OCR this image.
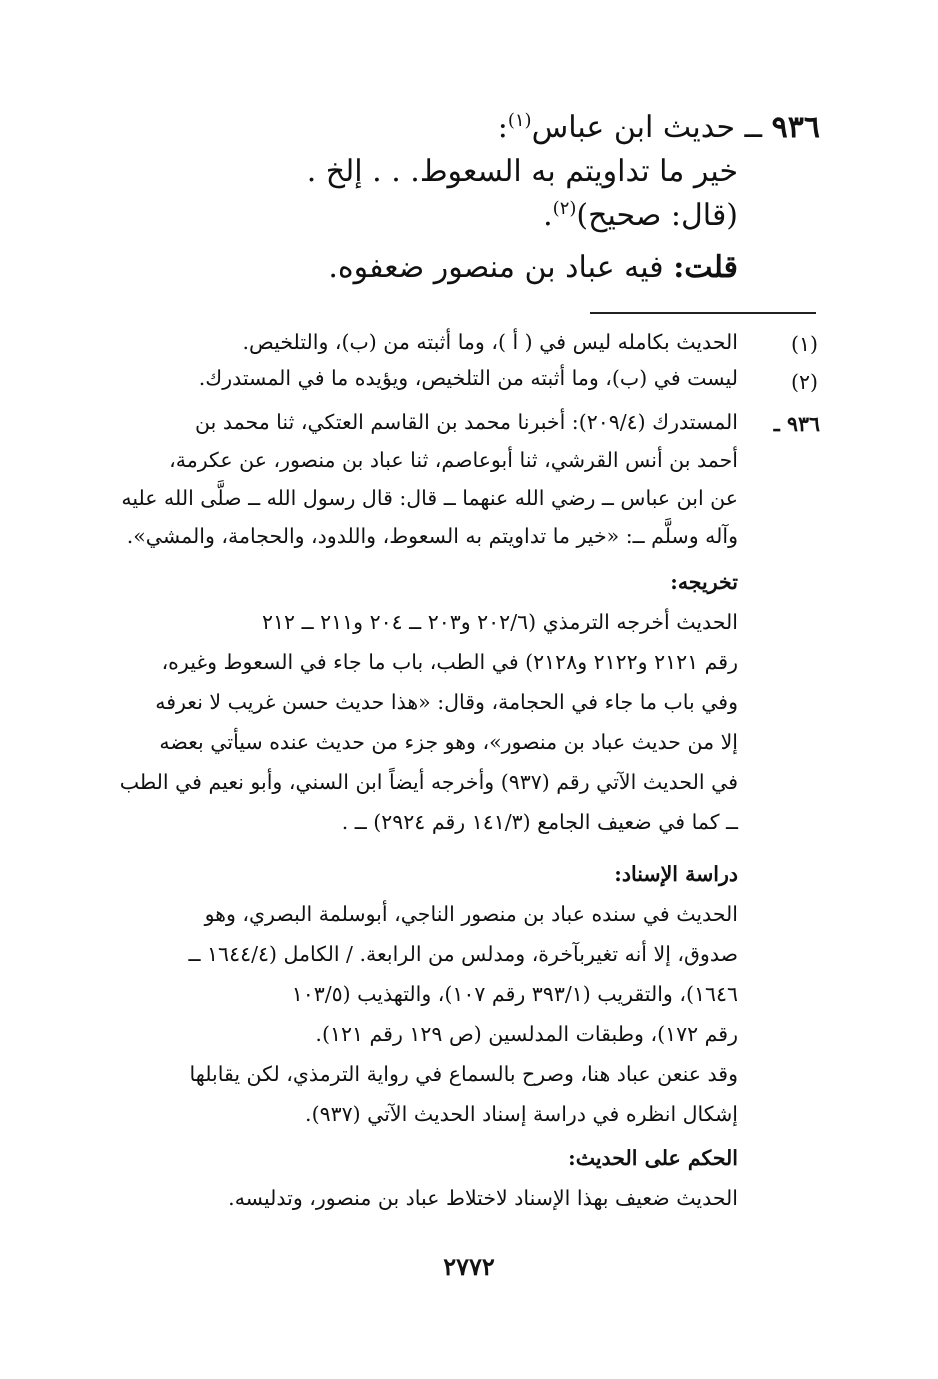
٩٣٦ ــ حديث ابن عباس$^{(١)}$:
خير ما تداويتم به السعوط. . . إلخ .
(قال: صحيح)$^{(٢)}$.
قلت: فيه عباد بن منصور ضعفوه.
(١)
الحديث بكامله ليس في ( أ )، وما أثبته من (ب)، والتلخيص.
(٢)
ليست في (ب)، وما أثبته من التلخيص، ويؤيده ما في المستدرك.
٩٣٦ ـ
المستدرك (٢٠٩/٤): أخبرنا محمد بن القاسم العتكي، ثنا محمد بن
أحمد بن أنس القرشي، ثنا أبوعاصم، ثنا عباد بن منصور، عن عكرمة،
عن ابن عباس ــ رضي الله عنهما ــ قال: قال رسول الله ــ صلَّى الله عليه
وآله وسلَّم ــ: «خير ما تداويتم به السعوط، واللدود، والحجامة، والمشي».
تخريجه:
الحديث أخرجه الترمذي (٢٠٢/٦ و٢٠٣ ــ ٢٠٤ و٢١١ ــ ٢١٢
رقم ٢١٢١ و٢١٢٢ و٢١٢٨) في الطب، باب ما جاء في السعوط وغيره،
وفي باب ما جاء في الحجامة، وقال: «هذا حديث حسن غريب لا نعرفه
إلا من حديث عباد بن منصور»، وهو جزء من حديث عنده سيأتي بعضه
في الحديث الآتي رقم (٩٣٧) وأخرجه أيضاً ابن السني، وأبو نعيم في الطب
ــ كما في ضعيف الجامع (١٤١/٣ رقم ٢٩٢٤) ــ .
دراسة الإسناد:
الحديث في سنده عباد بن منصور الناجي، أبوسلمة البصري، وهو
صدوق، إلا أنه تغيربآخرة، ومدلس من الرابعة. / الكامل (١٦٤٤/٤ ــ
١٦٤٦)، والتقريب (٣٩٣/١ رقم ١٠٧)، والتهذيب (١٠٣/٥
رقم ١٧٢)، وطبقات المدلسين (ص ١٢٩ رقم ١٢١).
وقد عنعن عباد هنا، وصرح بالسماع في رواية الترمذي، لكن يقابلها
إشكال انظره في دراسة إسناد الحديث الآتي (٩٣٧).
الحكم على الحديث:
الحديث ضعيف بهذا الإسناد لاختلاط عباد بن منصور، وتدليسه.
٢٧٧٢
